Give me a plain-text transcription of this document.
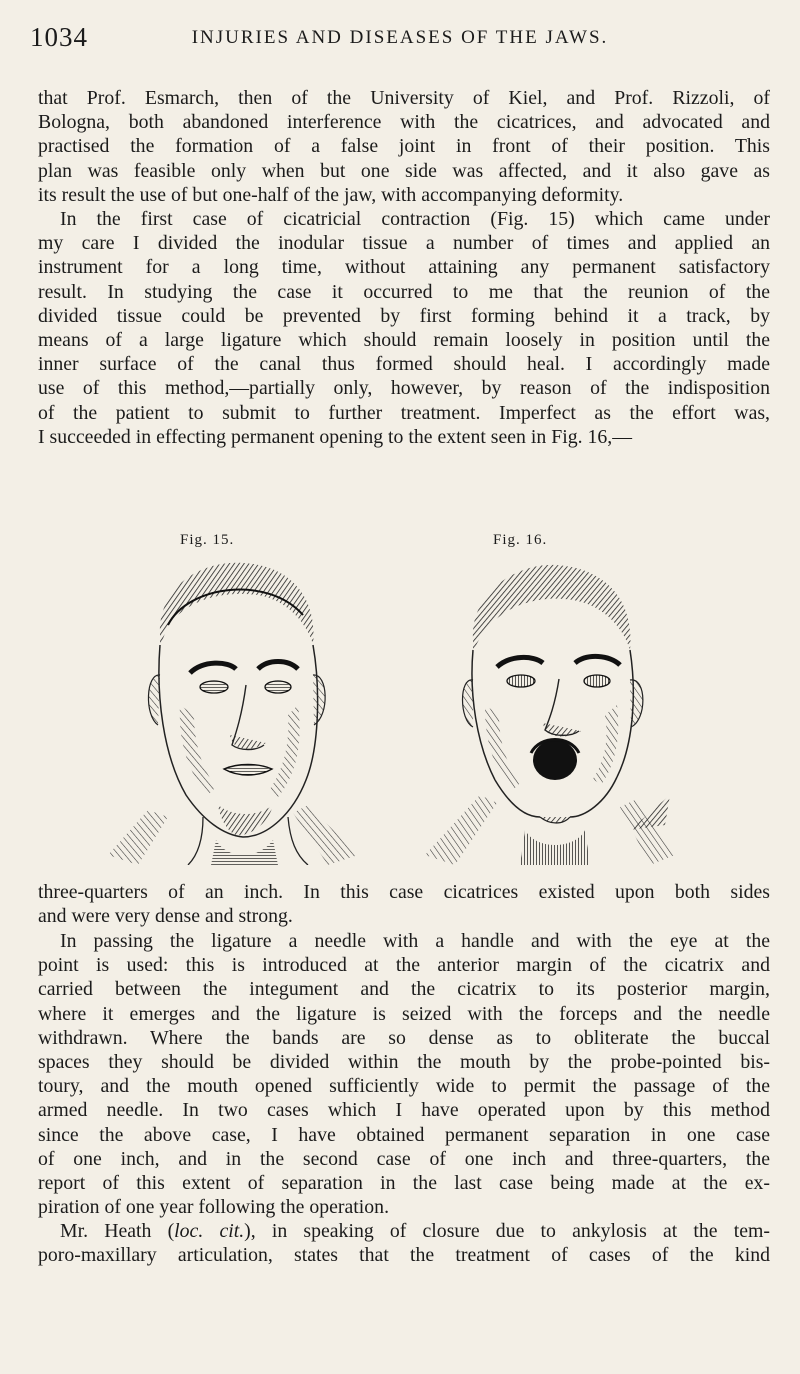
1034	INJURIES AND DISEASES OF THE JAWS.
that Prof. Esmarch, then of the University of Kiel, and Prof. Rizzoli, of
Bologna, both abandoned interference with the cicatrices, and advocated and
practised the formation of a false joint in front of their position. This
plan was feasible only when but one side was affected, and it also gave as
its result the use of but one-half of the jaw, with accompanying deformity.
In the first case of cicatricial contraction (Fig. 15) which came under
my care I divided the inodular tissue a number of times and applied an
instrument for a long time, without attaining any permanent satisfactory
result. In studying the case it occurred to me that the reunion of the
divided tissue could be prevented by first forming behind it a track, by
means of a large ligature which should remain loosely in position until the
inner surface of the canal thus formed should heal. I accordingly made
use of this method,—partially only, however, by reason of the indisposition
of the patient to submit to further treatment. Imperfect as the effort was,
I succeeded in effecting permanent opening to the extent seen in Fig. 16,—
Fig. 15.	Fig. 16.
three-quarters of an inch. In this case cicatrices existed upon both sides
and were very dense and strong.
In passing the ligature a needle with a handle and with the eye at the
point is used: this is introduced at the anterior margin of the cicatrix and
carried between the integument and the cicatrix to its posterior margin,
where it emerges and the ligature is seized with the forceps and the needle
withdrawn. Where the bands are so dense as to obliterate the buccal
spaces they should be divided within the mouth by the probe-pointed bis-
toury, and the mouth opened sufficiently wide to permit the passage of the
armed needle. In two cases which I have operated upon by this method
since the above case, I have obtained permanent separation in one case
of one inch, and in the second case of one inch and three-quarters, the
report of this extent of separation in the last case being made at the ex-
piration of one year following the operation.
Mr. Heath (loc. cit.), in speaking of closure due to ankylosis at the tem-
poro-maxillary articulation, states that the treatment of cases of the kind
